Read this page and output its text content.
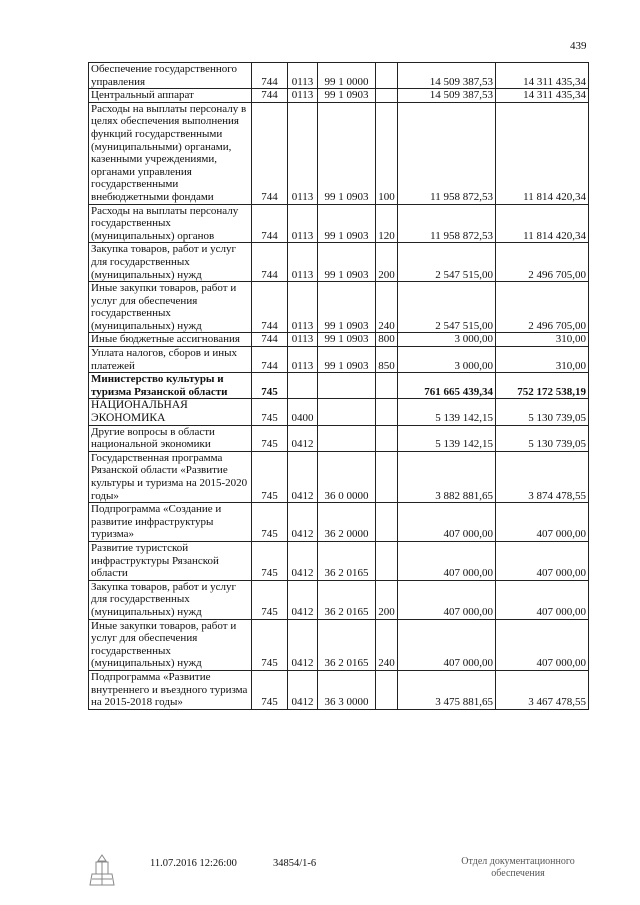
439
Обеспечение государственного управления	744	0113	99 1 0000		14 509 387,53	14 311 435,34
Центральный аппарат	744	0113	99 1 0903		14 509 387,53	14 311 435,34
Расходы на выплаты персоналу в целях обеспечения выполнения функций государственными (муниципальными) органами, казенными учреждениями, органами управления государственными внебюджетными фондами	744	0113	99 1 0903	100	11 958 872,53	11 814 420,34
Расходы на выплаты персоналу государственных (муниципальных) органов	744	0113	99 1 0903	120	11 958 872,53	11 814 420,34
Закупка товаров, работ и услуг для государственных (муниципальных) нужд	744	0113	99 1 0903	200	2 547 515,00	2 496 705,00
Иные закупки товаров, работ и услуг для обеспечения государственных (муниципальных) нужд	744	0113	99 1 0903	240	2 547 515,00	2 496 705,00
Иные бюджетные ассигнования	744	0113	99 1 0903	800	3 000,00	310,00
Уплата налогов, сборов и иных платежей	744	0113	99 1 0903	850	3 000,00	310,00
Министерство культуры и туризма Рязанской области	745				761 665 439,34	752 172 538,19
НАЦИОНАЛЬНАЯ ЭКОНОМИКА	745	0400			5 139 142,15	5 130 739,05
Другие вопросы в области национальной экономики	745	0412			5 139 142,15	5 130 739,05
Государственная программа Рязанской области «Развитие культуры и туризма на 2015-2020 годы»	745	0412	36 0 0000		3 882 881,65	3 874 478,55
Подпрограмма «Создание и развитие инфраструктуры туризма»	745	0412	36 2 0000		407 000,00	407 000,00
Развитие туристской инфраструктуры Рязанской области	745	0412	36 2 0165		407 000,00	407 000,00
Закупка товаров, работ и услуг для государственных (муниципальных) нужд	745	0412	36 2 0165	200	407 000,00	407 000,00
Иные закупки товаров, работ и услуг для обеспечения государственных (муниципальных) нужд	745	0412	36 2 0165	240	407 000,00	407 000,00
Подпрограмма «Развитие внутреннего и въездного туризма на 2015-2018 годы»	745	0412	36 3 0000		3 475 881,65	3 467 478,55
11.07.2016 12:26:00	34854/1-6	Отдел документационного обеспечения
